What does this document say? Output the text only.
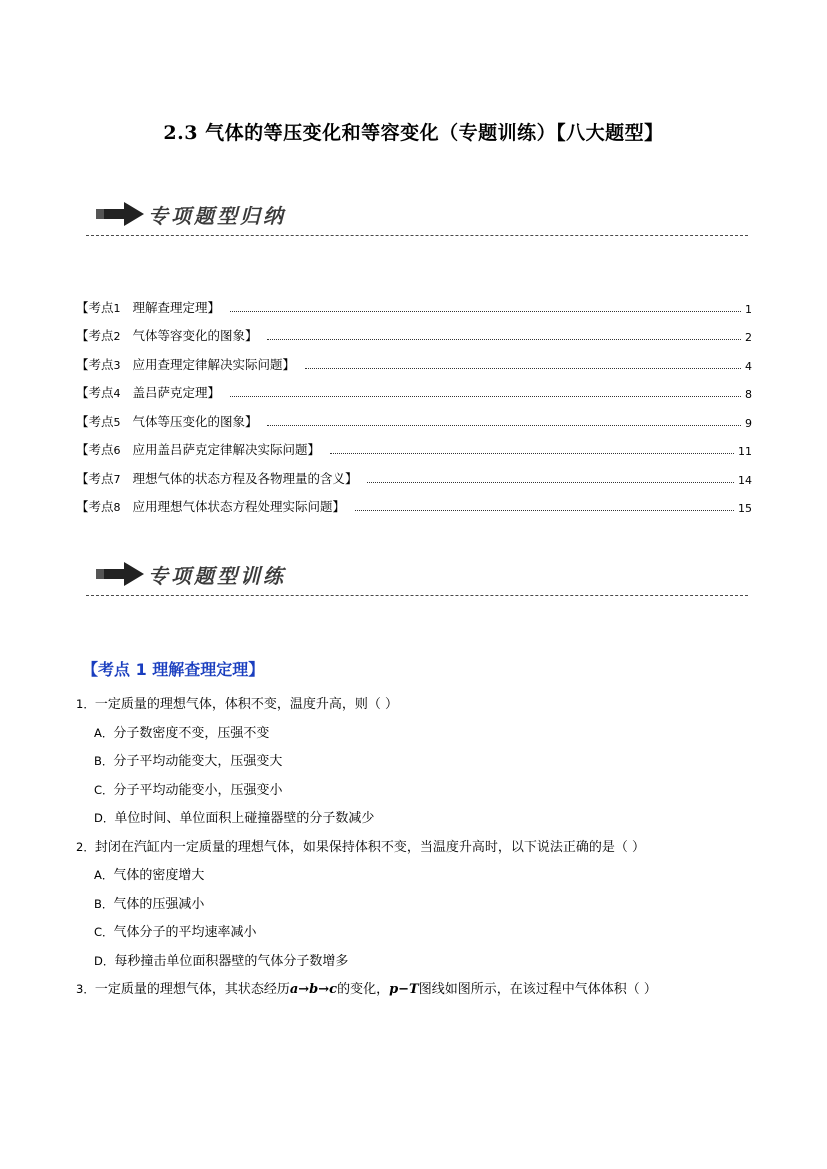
2.3 气体的等压变化和等容变化（专题训练）【八大题型】
专项题型归纳
【考点1 理解查理定理】	1
【考点2 气体等容变化的图象】	2
【考点3 应用查理定律解决实际问题】	4
【考点4 盖吕萨克定理】	8
【考点5 气体等压变化的图象】	9
【考点6 应用盖吕萨克定律解决实际问题】	11
【考点7 理想气体的状态方程及各物理量的含义】	14
【考点8 应用理想气体状态方程处理实际问题】	15
专项题型训练
【考点 1 理解查理定理】
1．一定质量的理想气体，体积不变，温度升高，则（ ）
A．分子数密度不变，压强不变
B．分子平均动能变大，压强变大
C．分子平均动能变小，压强变小
D．单位时间、单位面积上碰撞器壁的分子数减少
2．封闭在汽缸内一定质量的理想气体，如果保持体积不变，当温度升高时，以下说法正确的是（ ）
A．气体的密度增大
B．气体的压强减小
C．气体分子的平均速率减小
D．每秒撞击单位面积器壁的气体分子数增多
3．一定质量的理想气体，其状态经历a→b→c的变化，p−T图线如图所示，在该过程中气体体积（ ）
